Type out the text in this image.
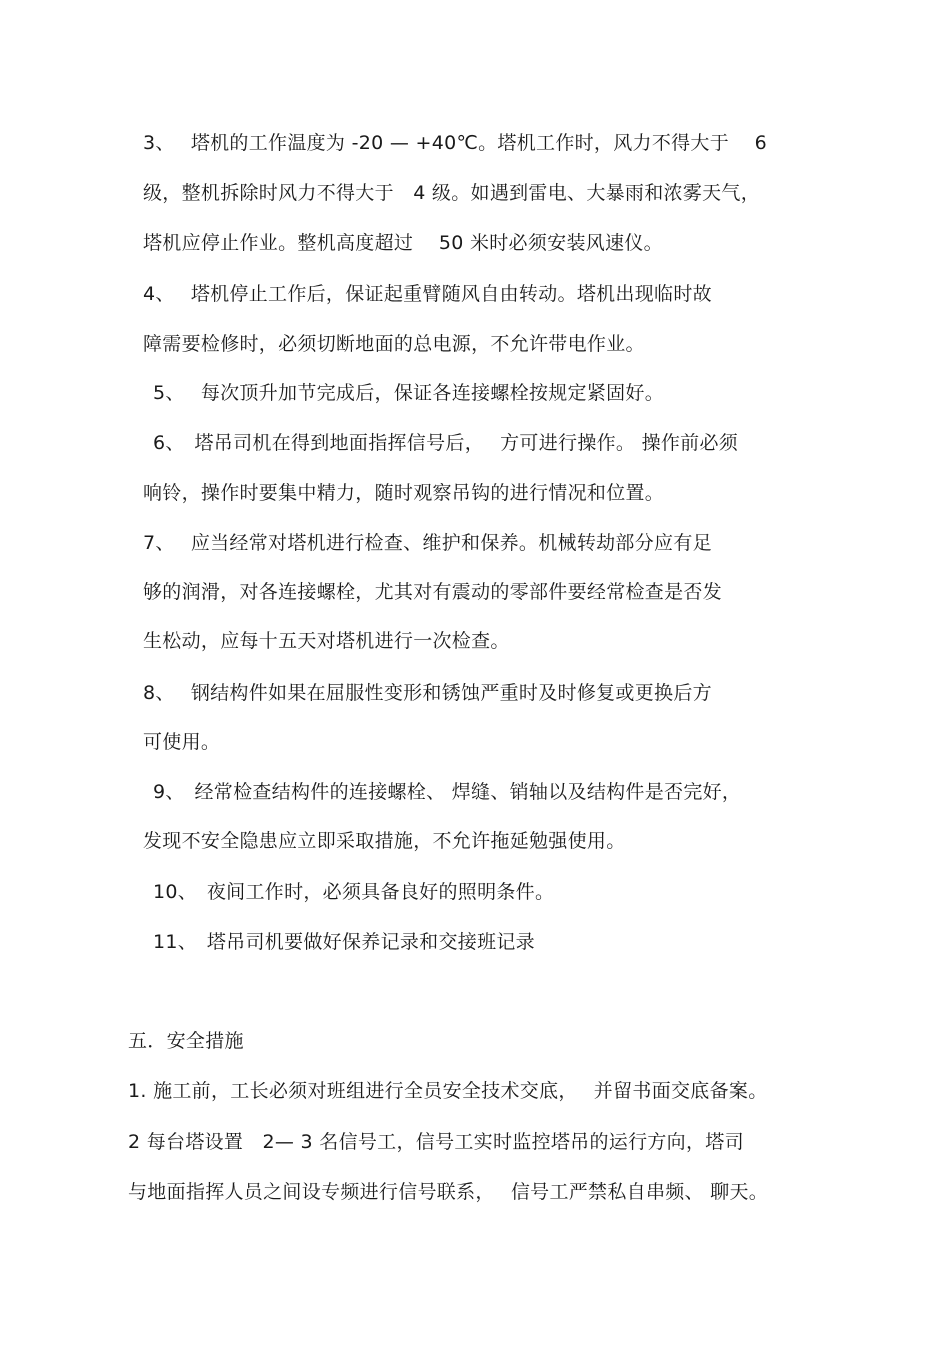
3、　 塔机的工作温度为 -20 — +40℃。塔机工作时，风力不得大于　 6
级，整机拆除时风力不得大于　4 级。如遇到雷电、大暴雨和浓雾天气，
塔机应停止作业。整机高度超过　 50 米时必须安装风速仪。
4、　 塔机停止工作后，保证起重臂随风自由转动。塔机出现临时故
障需要检修时，必须切断地面的总电源，不允许带电作业。
5、　 每次顶升加节完成后，保证各连接螺栓按规定紧固好。
6、　塔吊司机在得到地面指挥信号后，　 方可进行操作。 操作前必须
响铃，操作时要集中精力，随时观察吊钩的进行情况和位置。
7、　 应当经常对塔机进行检查、维护和保养。机械转劫部分应有足
够的润滑，对各连接螺栓，尤其对有震动的零部件要经常检查是否发
生松动，应每十五天对塔机进行一次检查。
8、　 钢结构件如果在屈服性变形和锈蚀严重时及时修复或更换后方
可使用。
9、　经常检查结构件的连接螺栓、 焊缝、销轴以及结构件是否完好，
发现不安全隐患应立即采取措施，不允许拖延勉强使用。
10、　夜间工作时，必须具备良好的照明条件。
11、　塔吊司机要做好保养记录和交接班记录
五．安全措施
1. 施工前，工长必须对班组进行全员安全技术交底，　 并留书面交底备案。
2 每台塔设置　2— 3 名信号工，信号工实时监控塔吊的运行方向，塔司
与地面指挥人员之间设专频进行信号联系，　 信号工严禁私自串频、 聊天。
